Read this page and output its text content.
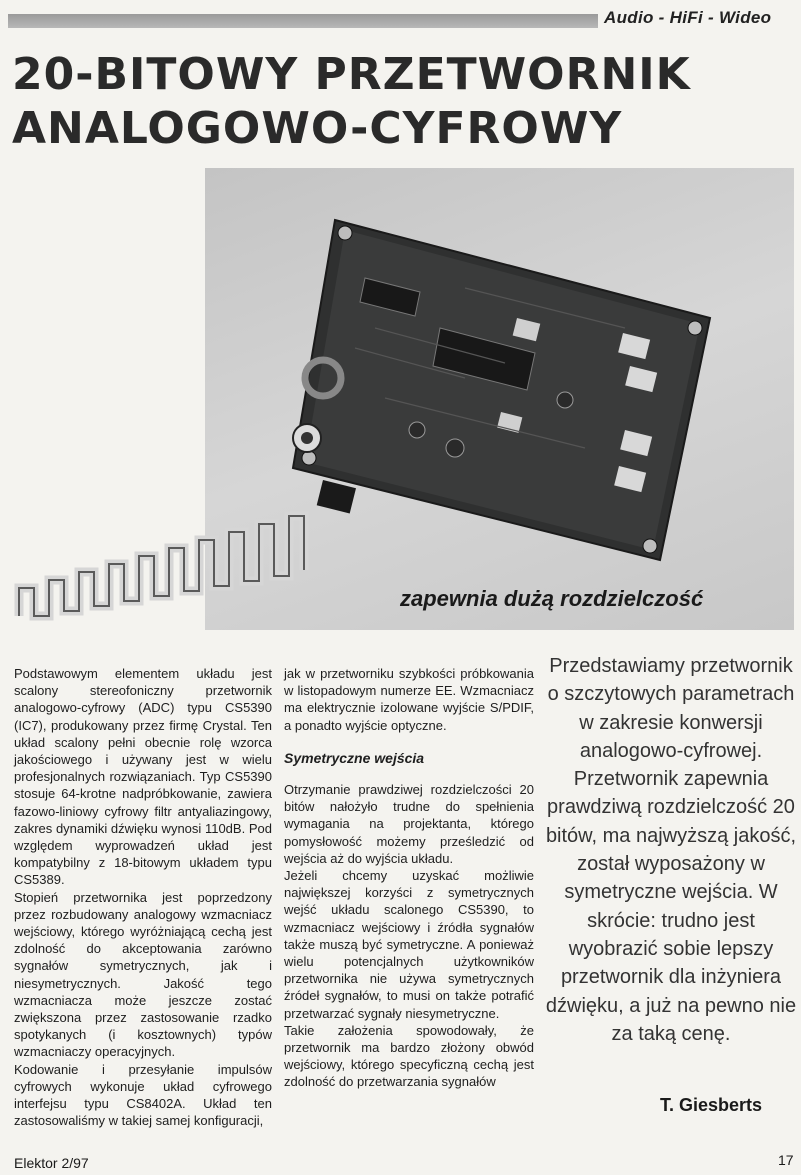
Audio - HiFi - Wideo
20-BITOWY PRZETWORNIK
ANALOGOWO-CYFROWY
zapewnia dużą rozdzielczość

Podstawowym elementem układu jest scalony stereofoniczny przetwornik analogowo-cyfrowy (ADC) typu CS5390 (IC7), produkowany przez firmę Crystal. Ten układ scalony pełni obecnie rolę wzorca jakościowego i używany jest w wielu profesjonalnych rozwiązaniach. Typ CS5390 stosuje 64-krotne nadpróbkowanie, zawiera fazowo-liniowy cyfrowy filtr antyaliazingowy, zakres dynamiki dźwięku wynosi 110dB. Pod względem wyprowadzeń układ jest kompatybilny z 18-bitowym układem typu CS5389.

Stopień przetwornika jest poprzedzony przez rozbudowany analogowy wzmacniacz wejściowy, którego wyróżniającą cechą jest zdolność do akceptowania zarówno sygnałów symetrycznych, jak i niesymetrycznych. Jakość tego wzmacniacza może jeszcze zostać zwiększona przez zastosowanie rzadko spotykanych (i kosztownych) typów wzmacniaczy operacyjnych.

Kodowanie i przesyłanie impulsów cyfrowych wykonuje układ cyfrowego interfejsu typu CS8402A. Układ ten zastosowaliśmy w takiej samej konfiguracji,

jak w przetworniku szybkości próbkowania w listopadowym numerze EE. Wzmacniacz ma elektrycznie izolowane wyjście S/PDIF, a ponadto wyjście optyczne.

Symetryczne wejścia

Otrzymanie prawdziwej rozdzielczości 20 bitów nałożyło trudne do spełnienia wymagania na projektanta, którego pomysłowość możemy prześledzić od wejścia aż do wyjścia układu.

Jeżeli chcemy uzyskać możliwie największej korzyści z symetrycznych wejść układu scalonego CS5390, to wzmacniacz wejściowy i źródła sygnałów także muszą być symetryczne. A ponieważ wielu potencjalnych użytkowników przetwornika nie używa symetrycznych źródeł sygnałów, to musi on także potrafić przetwarzać sygnały niesymetryczne.

Takie założenia spowodowały, że przetwornik ma bardzo złożony obwód wejściowy, którego specyficzną cechą jest zdolność do przetwarzania sygnałów

Przedstawiamy przetwornik o szczytowych parametrach w zakresie konwersji analogowo-cyfrowej. Przetwornik zapewnia prawdziwą rozdzielczość 20 bitów, ma najwyższą jakość, został wyposażony w symetryczne wejścia. W skrócie: trudno jest wyobrazić sobie lepszy przetwornik dla inżyniera dźwięku, a już na pewno nie za taką cenę.

T. Giesberts
Elektor 2/97	17
